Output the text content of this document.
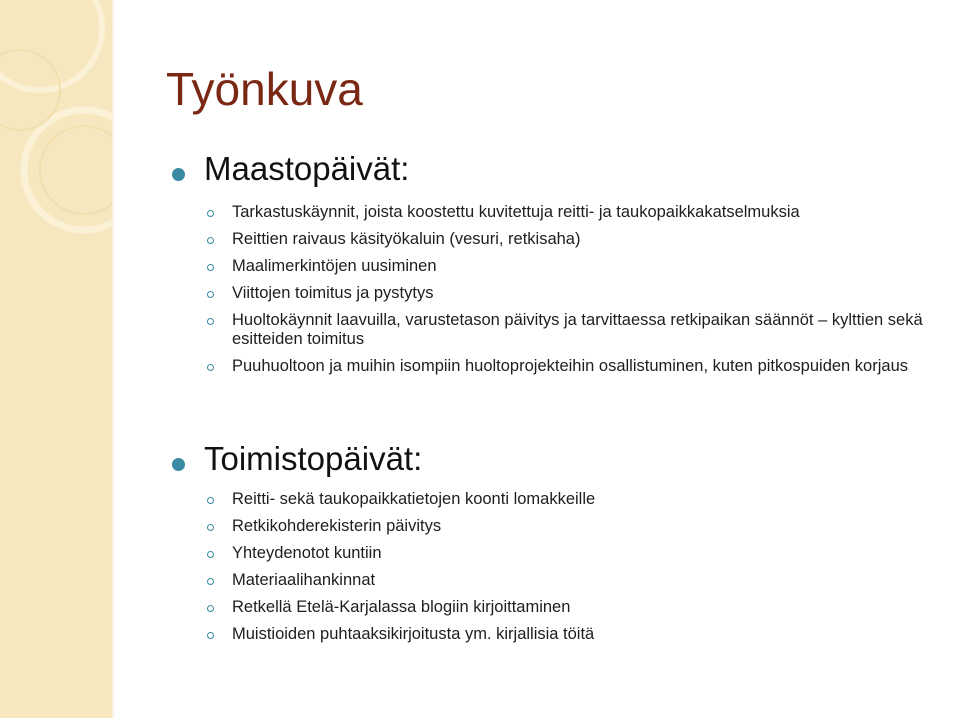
Työnkuva
Maastopäivät:
Tarkastuskäynnit, joista koostettu kuvitettuja reitti- ja taukopaikkakatselmuksia
Reittien raivaus käsityökaluin (vesuri, retkisaha)
Maalimerkintöjen uusiminen
Viittojen toimitus ja pystytys
Huoltokäynnit laavuilla, varustetason päivitys ja tarvittaessa retkipaikan säännöt – kylttien sekä esitteiden toimitus
Puuhuoltoon ja muihin isompiin huoltoprojekteihin osallistuminen, kuten pitkospuiden korjaus
Toimistopäivät:
Reitti- sekä taukopaikkatietojen koonti lomakkeille
Retkikohderekisterin päivitys
Yhteydenotot kuntiin
Materiaalihankinnat
Retkellä Etelä-Karjalassa blogiin kirjoittaminen
Muistioiden puhtaaksikirjoitusta ym. kirjallisia töitä
